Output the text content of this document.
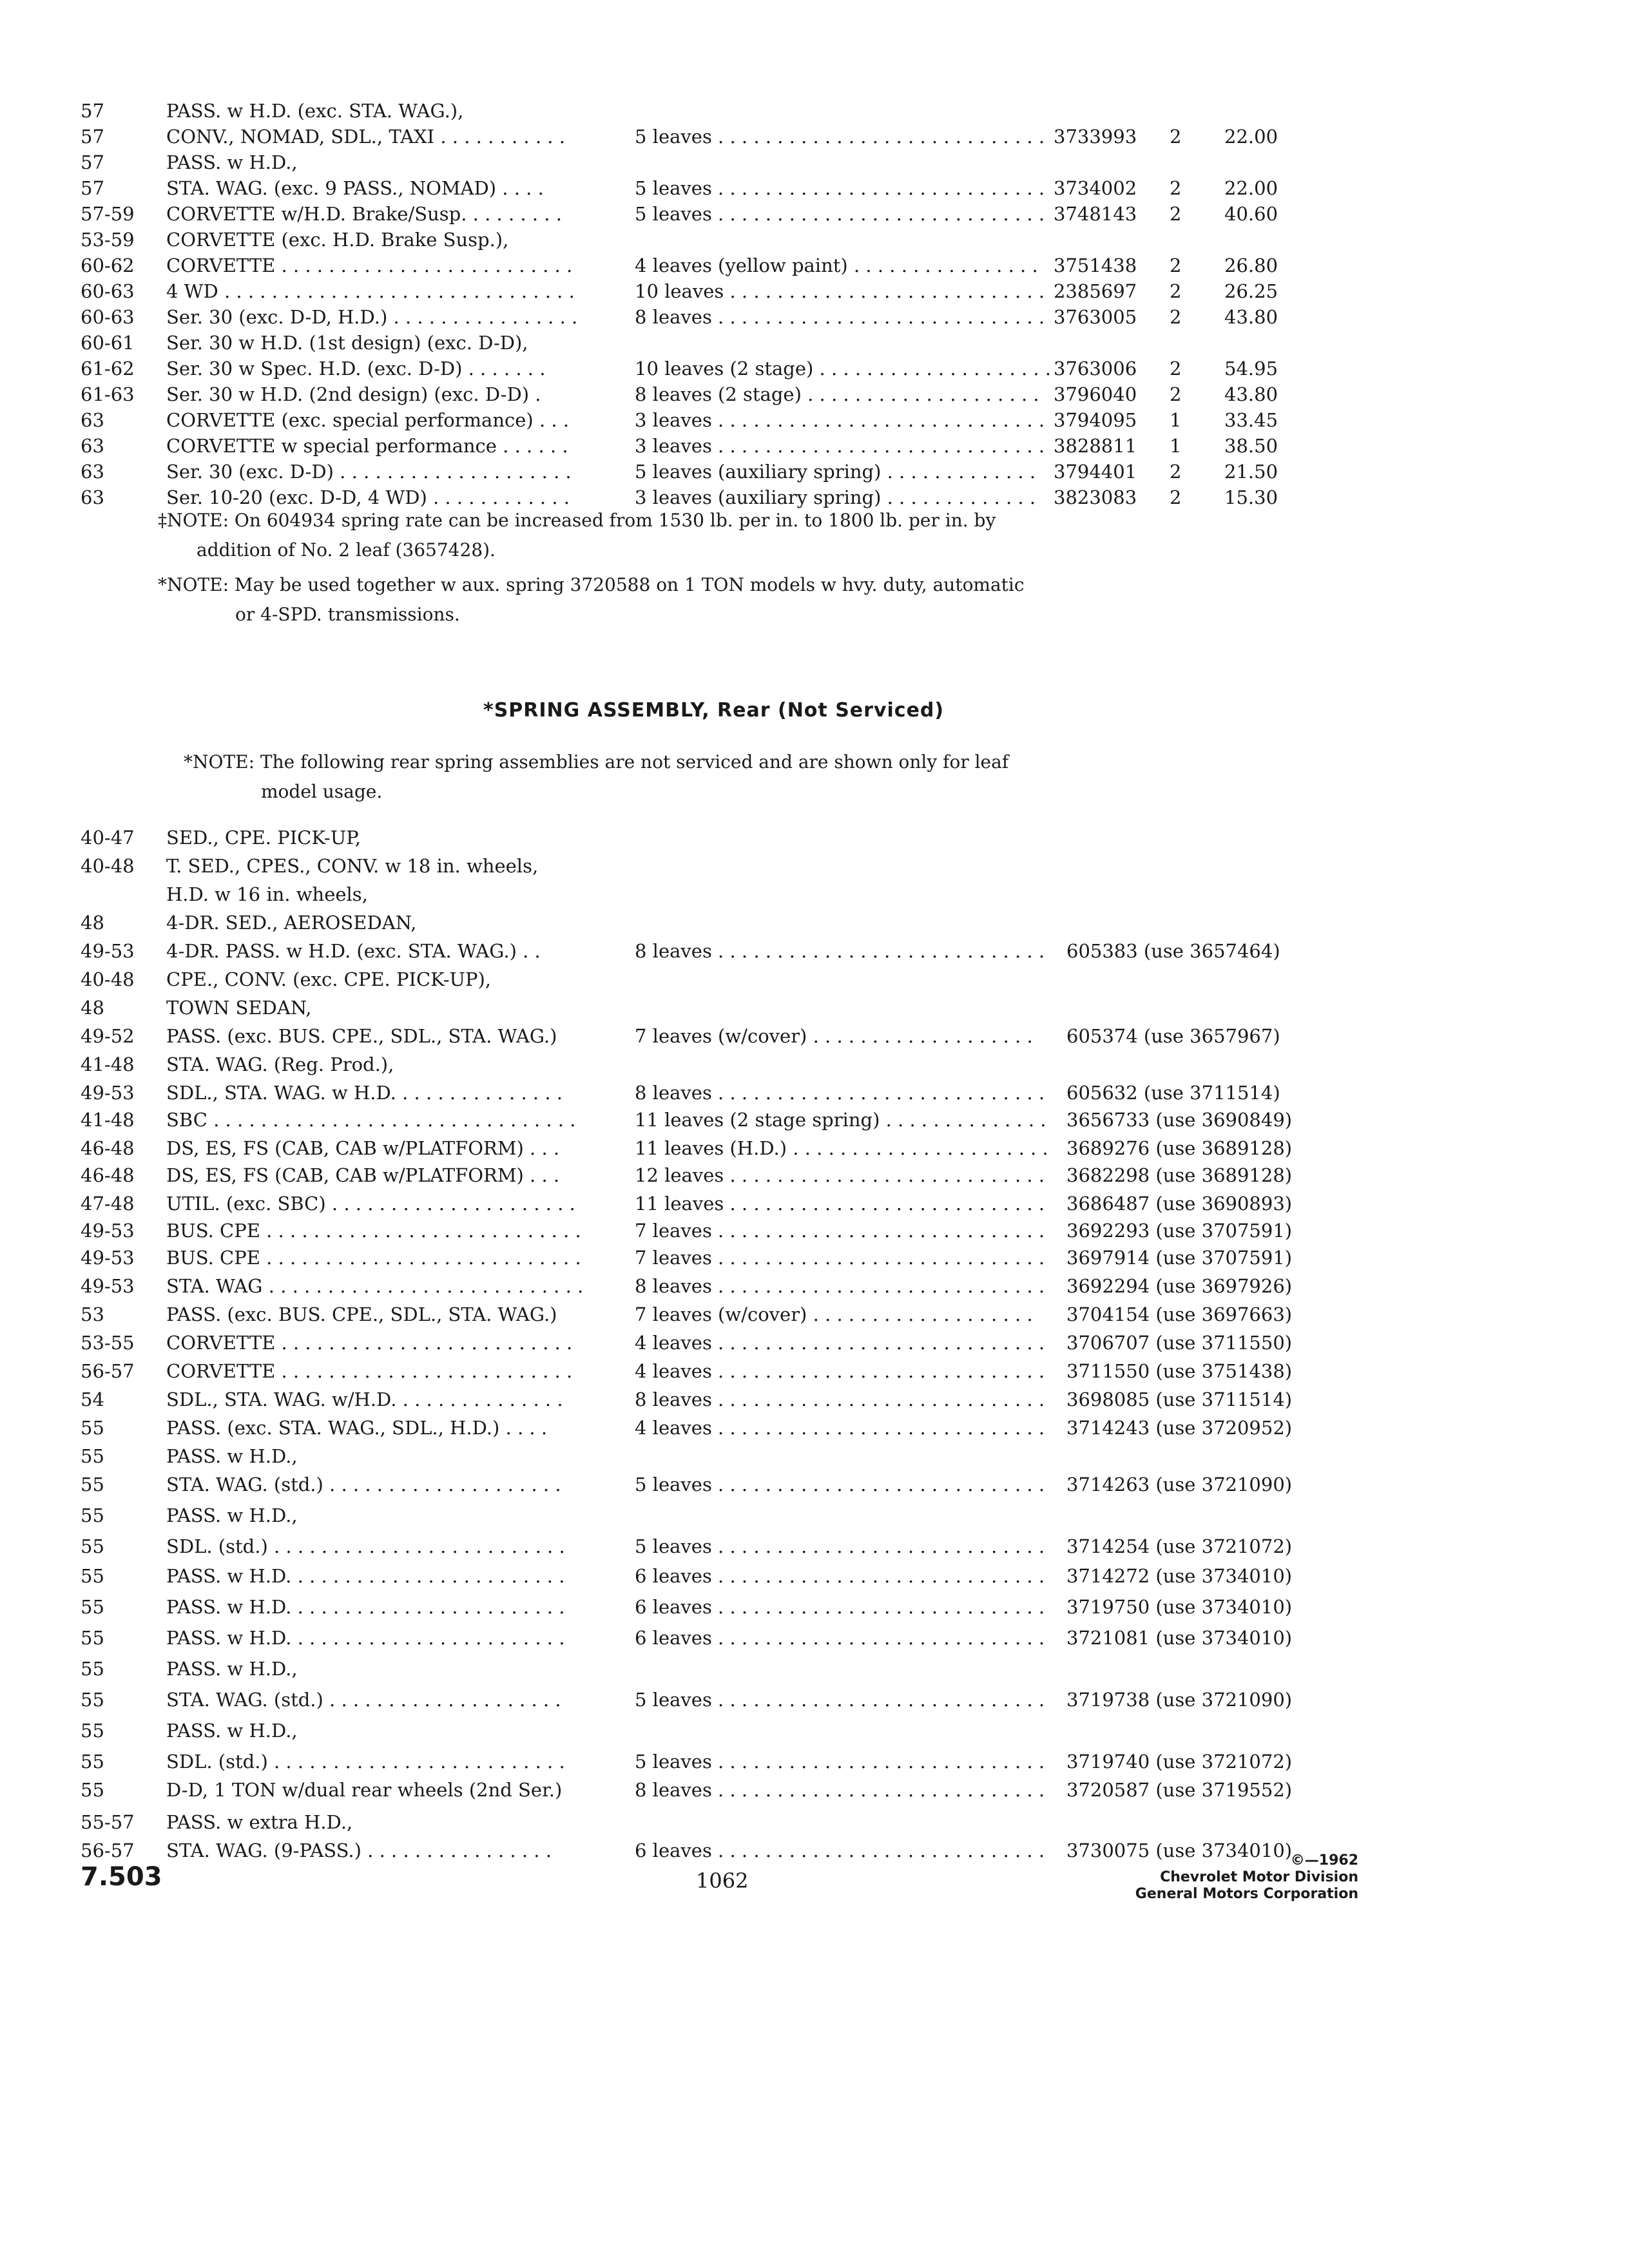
57	PASS. w H.D. (exc. STA. WAG.),
57	CONV., NOMAD, SDL., TAXI . . . . . . . . . . .	5 leaves . . . . . . . . . . . . . . . . . . . . . . . . . . . . 3733993 2 22.00
57	PASS. w H.D.,
57	STA. WAG. (exc. 9 PASS., NOMAD) . . . .	5 leaves . . . . . . . . . . . . . . . . . . . . . . . . . . . . 3734002 2 22.00
57-59 CORVETTE w/H.D. Brake/Susp. . . . . . . . .	5 leaves . . . . . . . . . . . . . . . . . . . . . . . . . . . . 3748143 2 40.60
53-59 CORVETTE (exc. H.D. Brake Susp.),
60-62 CORVETTE . . . . . . . . . . . . . . . . . . . . . . . . .	4 leaves (yellow paint) . . . . . . . . . . . . . . . . 3751438 2 26.80
60-63 4 WD . . . . . . . . . . . . . . . . . . . . . . . . . . . . . .	10 leaves . . . . . . . . . . . . . . . . . . . . . . . . . . . 2385697 2 26.25
60-63 Ser. 30 (exc. D-D, H.D.) . . . . . . . . . . . . . . . .	8 leaves . . . . . . . . . . . . . . . . . . . . . . . . . . . . 3763005 2 43.80
60-61 Ser. 30 w H.D. (1st design) (exc. D-D),
61-62 Ser. 30 w Spec. H.D. (exc. D-D) . . . . . . .	10 leaves (2 stage) . . . . . . . . . . . . . . . . . . . . 3763006 2 54.95
61-63 Ser. 30 w H.D. (2nd design) (exc. D-D) .	8 leaves (2 stage) . . . . . . . . . . . . . . . . . . . . 3796040 2 43.80
63	CORVETTE (exc. special performance) . . .	3 leaves . . . . . . . . . . . . . . . . . . . . . . . . . . . . 3794095 1 33.45
63	CORVETTE w special performance . . . . . .	3 leaves . . . . . . . . . . . . . . . . . . . . . . . . . . . . 3828811 1 38.50
63	Ser. 30 (exc. D-D) . . . . . . . . . . . . . . . . . . . .	5 leaves (auxiliary spring) . . . . . . . . . . . . . 3794401 2 21.50
63	Ser. 10-20 (exc. D-D, 4 WD) . . . . . . . . . . . .	3 leaves (auxiliary spring) . . . . . . . . . . . . . 3823083 2 15.30
‡NOTE: On 604934 spring rate can be increased from 1530 lb. per in. to 1800 lb. per in. by
addition of No. 2 leaf (3657428).
*NOTE: May be used together w aux. spring 3720588 on 1 TON models w hvy. duty, automatic
or 4-SPD. transmissions.
*SPRING ASSEMBLY, Rear (Not Serviced)
*NOTE: The following rear spring assemblies are not serviced and are shown only for leaf
model usage.
40-47 SED., CPE. PICK-UP,
40-48 T. SED., CPES., CONV. w 18 in. wheels,
H.D. w 16 in. wheels,
48	4-DR. SED., AEROSEDAN,
49-53 4-DR. PASS. w H.D. (exc. STA. WAG.) . .	8 leaves . . . . . . . . . . . . . . . . . . . . . . . . . . . . 605383 (use 3657464)
40-48 CPE., CONV. (exc. CPE. PICK-UP),
48	TOWN SEDAN,
49-52 PASS. (exc. BUS. CPE., SDL., STA. WAG.)	7 leaves (w/cover) . . . . . . . . . . . . . . . . . . . 605374 (use 3657967)
41-48 STA. WAG. (Reg. Prod.),
49-53 SDL., STA. WAG. w H.D. . . . . . . . . . . . . . .	8 leaves . . . . . . . . . . . . . . . . . . . . . . . . . . . . 605632 (use 3711514)
41-48 SBC . . . . . . . . . . . . . . . . . . . . . . . . . . . . . . .	11 leaves (2 stage spring) . . . . . . . . . . . . . . 3656733 (use 3690849)
46-48 DS, ES, FS (CAB, CAB w/PLATFORM) . . .	11 leaves (H.D.) . . . . . . . . . . . . . . . . . . . . . . 3689276 (use 3689128)
46-48 DS, ES, FS (CAB, CAB w/PLATFORM) . . .	12 leaves . . . . . . . . . . . . . . . . . . . . . . . . . . . 3682298 (use 3689128)
47-48 UTIL. (exc. SBC) . . . . . . . . . . . . . . . . . . . . .	11 leaves . . . . . . . . . . . . . . . . . . . . . . . . . . . 3686487 (use 3690893)
49-53 BUS. CPE . . . . . . . . . . . . . . . . . . . . . . . . . . .	7 leaves . . . . . . . . . . . . . . . . . . . . . . . . . . . . 3692293 (use 3707591)
49-53 BUS. CPE . . . . . . . . . . . . . . . . . . . . . . . . . . .	7 leaves . . . . . . . . . . . . . . . . . . . . . . . . . . . . 3697914 (use 3707591)
49-53 STA. WAG . . . . . . . . . . . . . . . . . . . . . . . . . . .	8 leaves . . . . . . . . . . . . . . . . . . . . . . . . . . . . 3692294 (use 3697926)
53	PASS. (exc. BUS. CPE., SDL., STA. WAG.)	7 leaves (w/cover) . . . . . . . . . . . . . . . . . . . 3704154 (use 3697663)
53-55 CORVETTE . . . . . . . . . . . . . . . . . . . . . . . . .	4 leaves . . . . . . . . . . . . . . . . . . . . . . . . . . . . 3706707 (use 3711550)
56-57 CORVETTE . . . . . . . . . . . . . . . . . . . . . . . . .	4 leaves . . . . . . . . . . . . . . . . . . . . . . . . . . . . 3711550 (use 3751438)
54	SDL., STA. WAG. w/H.D. . . . . . . . . . . . . . .	8 leaves . . . . . . . . . . . . . . . . . . . . . . . . . . . . 3698085 (use 3711514)
55	PASS. (exc. STA. WAG., SDL., H.D.) . . . .	4 leaves . . . . . . . . . . . . . . . . . . . . . . . . . . . . 3714243 (use 3720952)
55	PASS. w H.D.,
55	STA. WAG. (std.) . . . . . . . . . . . . . . . . . . . .	5 leaves . . . . . . . . . . . . . . . . . . . . . . . . . . . . 3714263 (use 3721090)
55	PASS. w H.D.,
55	SDL. (std.) . . . . . . . . . . . . . . . . . . . . . . . . .	5 leaves . . . . . . . . . . . . . . . . . . . . . . . . . . . . 3714254 (use 3721072)
55	PASS. w H.D. . . . . . . . . . . . . . . . . . . . . . . .	6 leaves . . . . . . . . . . . . . . . . . . . . . . . . . . . . 3714272 (use 3734010)
55	PASS. w H.D. . . . . . . . . . . . . . . . . . . . . . . .	6 leaves . . . . . . . . . . . . . . . . . . . . . . . . . . . . 3719750 (use 3734010)
55	PASS. w H.D. . . . . . . . . . . . . . . . . . . . . . . .	6 leaves . . . . . . . . . . . . . . . . . . . . . . . . . . . . 3721081 (use 3734010)
55	PASS. w H.D.,
55	STA. WAG. (std.) . . . . . . . . . . . . . . . . . . . .	5 leaves . . . . . . . . . . . . . . . . . . . . . . . . . . . . 3719738 (use 3721090)
55	PASS. w H.D.,
55	SDL. (std.) . . . . . . . . . . . . . . . . . . . . . . . . .	5 leaves . . . . . . . . . . . . . . . . . . . . . . . . . . . . 3719740 (use 3721072)
55	D-D, 1 TON w/dual rear wheels (2nd Ser.)	8 leaves . . . . . . . . . . . . . . . . . . . . . . . . . . . . 3720587 (use 3719552)
55-57 PASS. w extra H.D.,
56-57 STA. WAG. (9-PASS.) . . . . . . . . . . . . . . . .	6 leaves . . . . . . . . . . . . . . . . . . . . . . . . . . . . 3730075 (use 3734010)
7.503	1062
©—1962
Chevrolet Motor Division
General Motors Corporation
